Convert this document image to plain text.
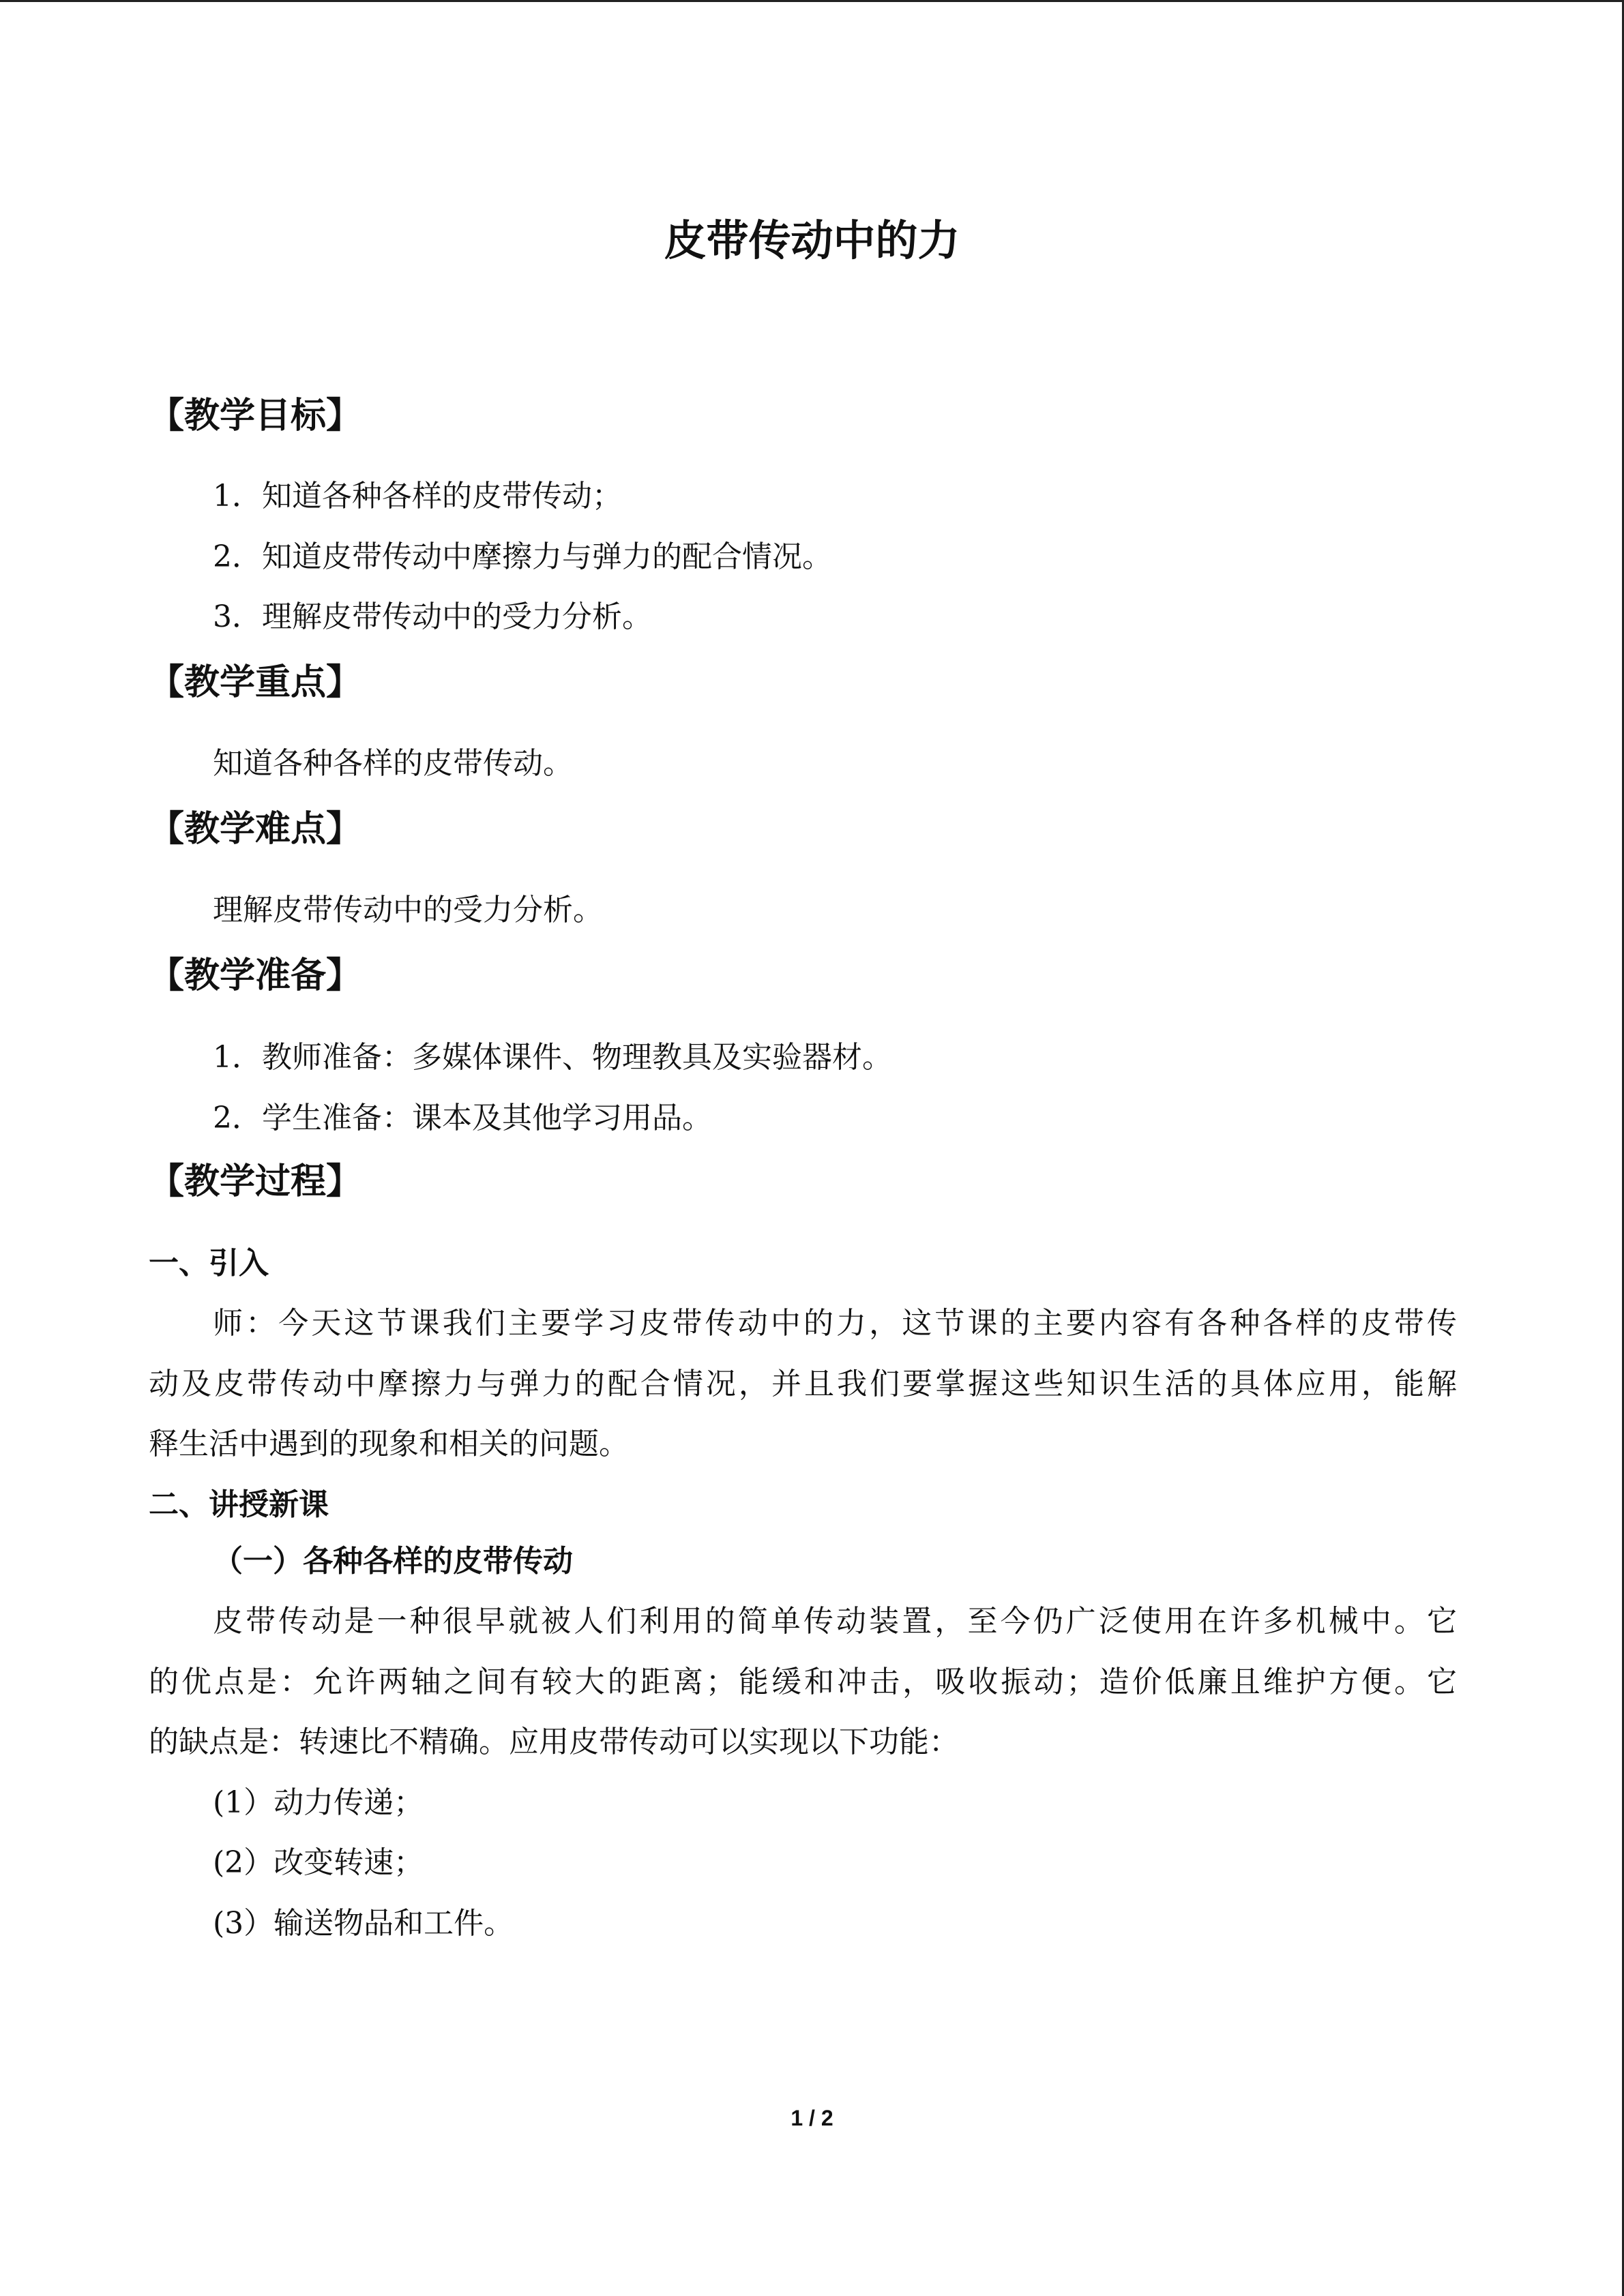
皮带传动中的力
【教学目标】

1．知道各种各样的皮带传动；

2．知道皮带传动中摩擦力与弹力的配合情况。

3．理解皮带传动中的受力分析。

【教学重点】

知道各种各样的皮带传动。

【教学难点】

理解皮带传动中的受力分析。

【教学准备】

1．教师准备：多媒体课件、物理教具及实验器材。

2．学生准备：课本及其他学习用品。

【教学过程】

一、引入

师：今天这节课我们主要学习皮带传动中的力，这节课的主要内容有各种各样的皮带传

动及皮带传动中摩擦力与弹力的配合情况，并且我们要掌握这些知识生活的具体应用，能解

释生活中遇到的现象和相关的问题。

二、讲授新课

（一）各种各样的皮带传动

皮带传动是一种很早就被人们利用的简单传动装置，至今仍广泛使用在许多机械中。它

的优点是：允许两轴之间有较大的距离；能缓和冲击，吸收振动；造价低廉且维护方便。它

的缺点是：转速比不精确。应用皮带传动可以实现以下功能：

(1）动力传递；

(2）改变转速；

(3）输送物品和工件。

1 / 2
